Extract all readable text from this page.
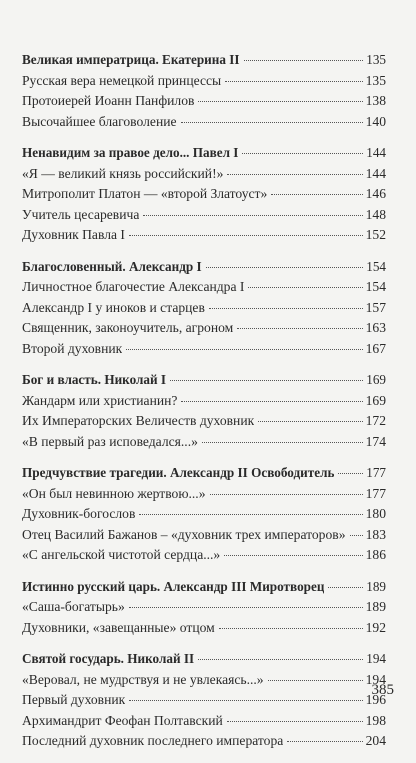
Великая императрица. Екатерина II	135
Русская вера немецкой принцессы	135
Протоиерей Иоанн Панфилов	138
Высочайшее благоволение	140
Ненавидим за правое дело... Павел I	144
«Я — великий князь российский!»	144
Митрополит Платон — «второй Златоуст»	146
Учитель цесаревича	148
Духовник Павла I	152
Благословенный. Александр I	154
Личностное благочестие Александра I	154
Александр I у иноков и старцев	157
Священник, законоучитель, агроном	163
Второй духовник	167
Бог и власть. Николай I	169
Жандарм или христианин?	169
Их Императорских Величеств духовник	172
«В первый раз исповедался...»	174
Предчувствие трагедии. Александр II Освободитель 177
«Он был невинною жертвою...»	177
Духовник-богослов	180
Отец Василий Бажанов – «духовник трех императоров» 183
«С ангельской чистотой сердца...»	186
Истинно русский царь. Александр III Миротворец	189
«Саша-богатырь»	189
Духовники, «завещанные» отцом	192
Святой государь. Николай II	194
«Веровал, не мудрствуя и не увлекаясь...»	194
Первый духовник	196
Архимандрит Феофан Полтавский	198
Последний духовник последнего императора	204
385
